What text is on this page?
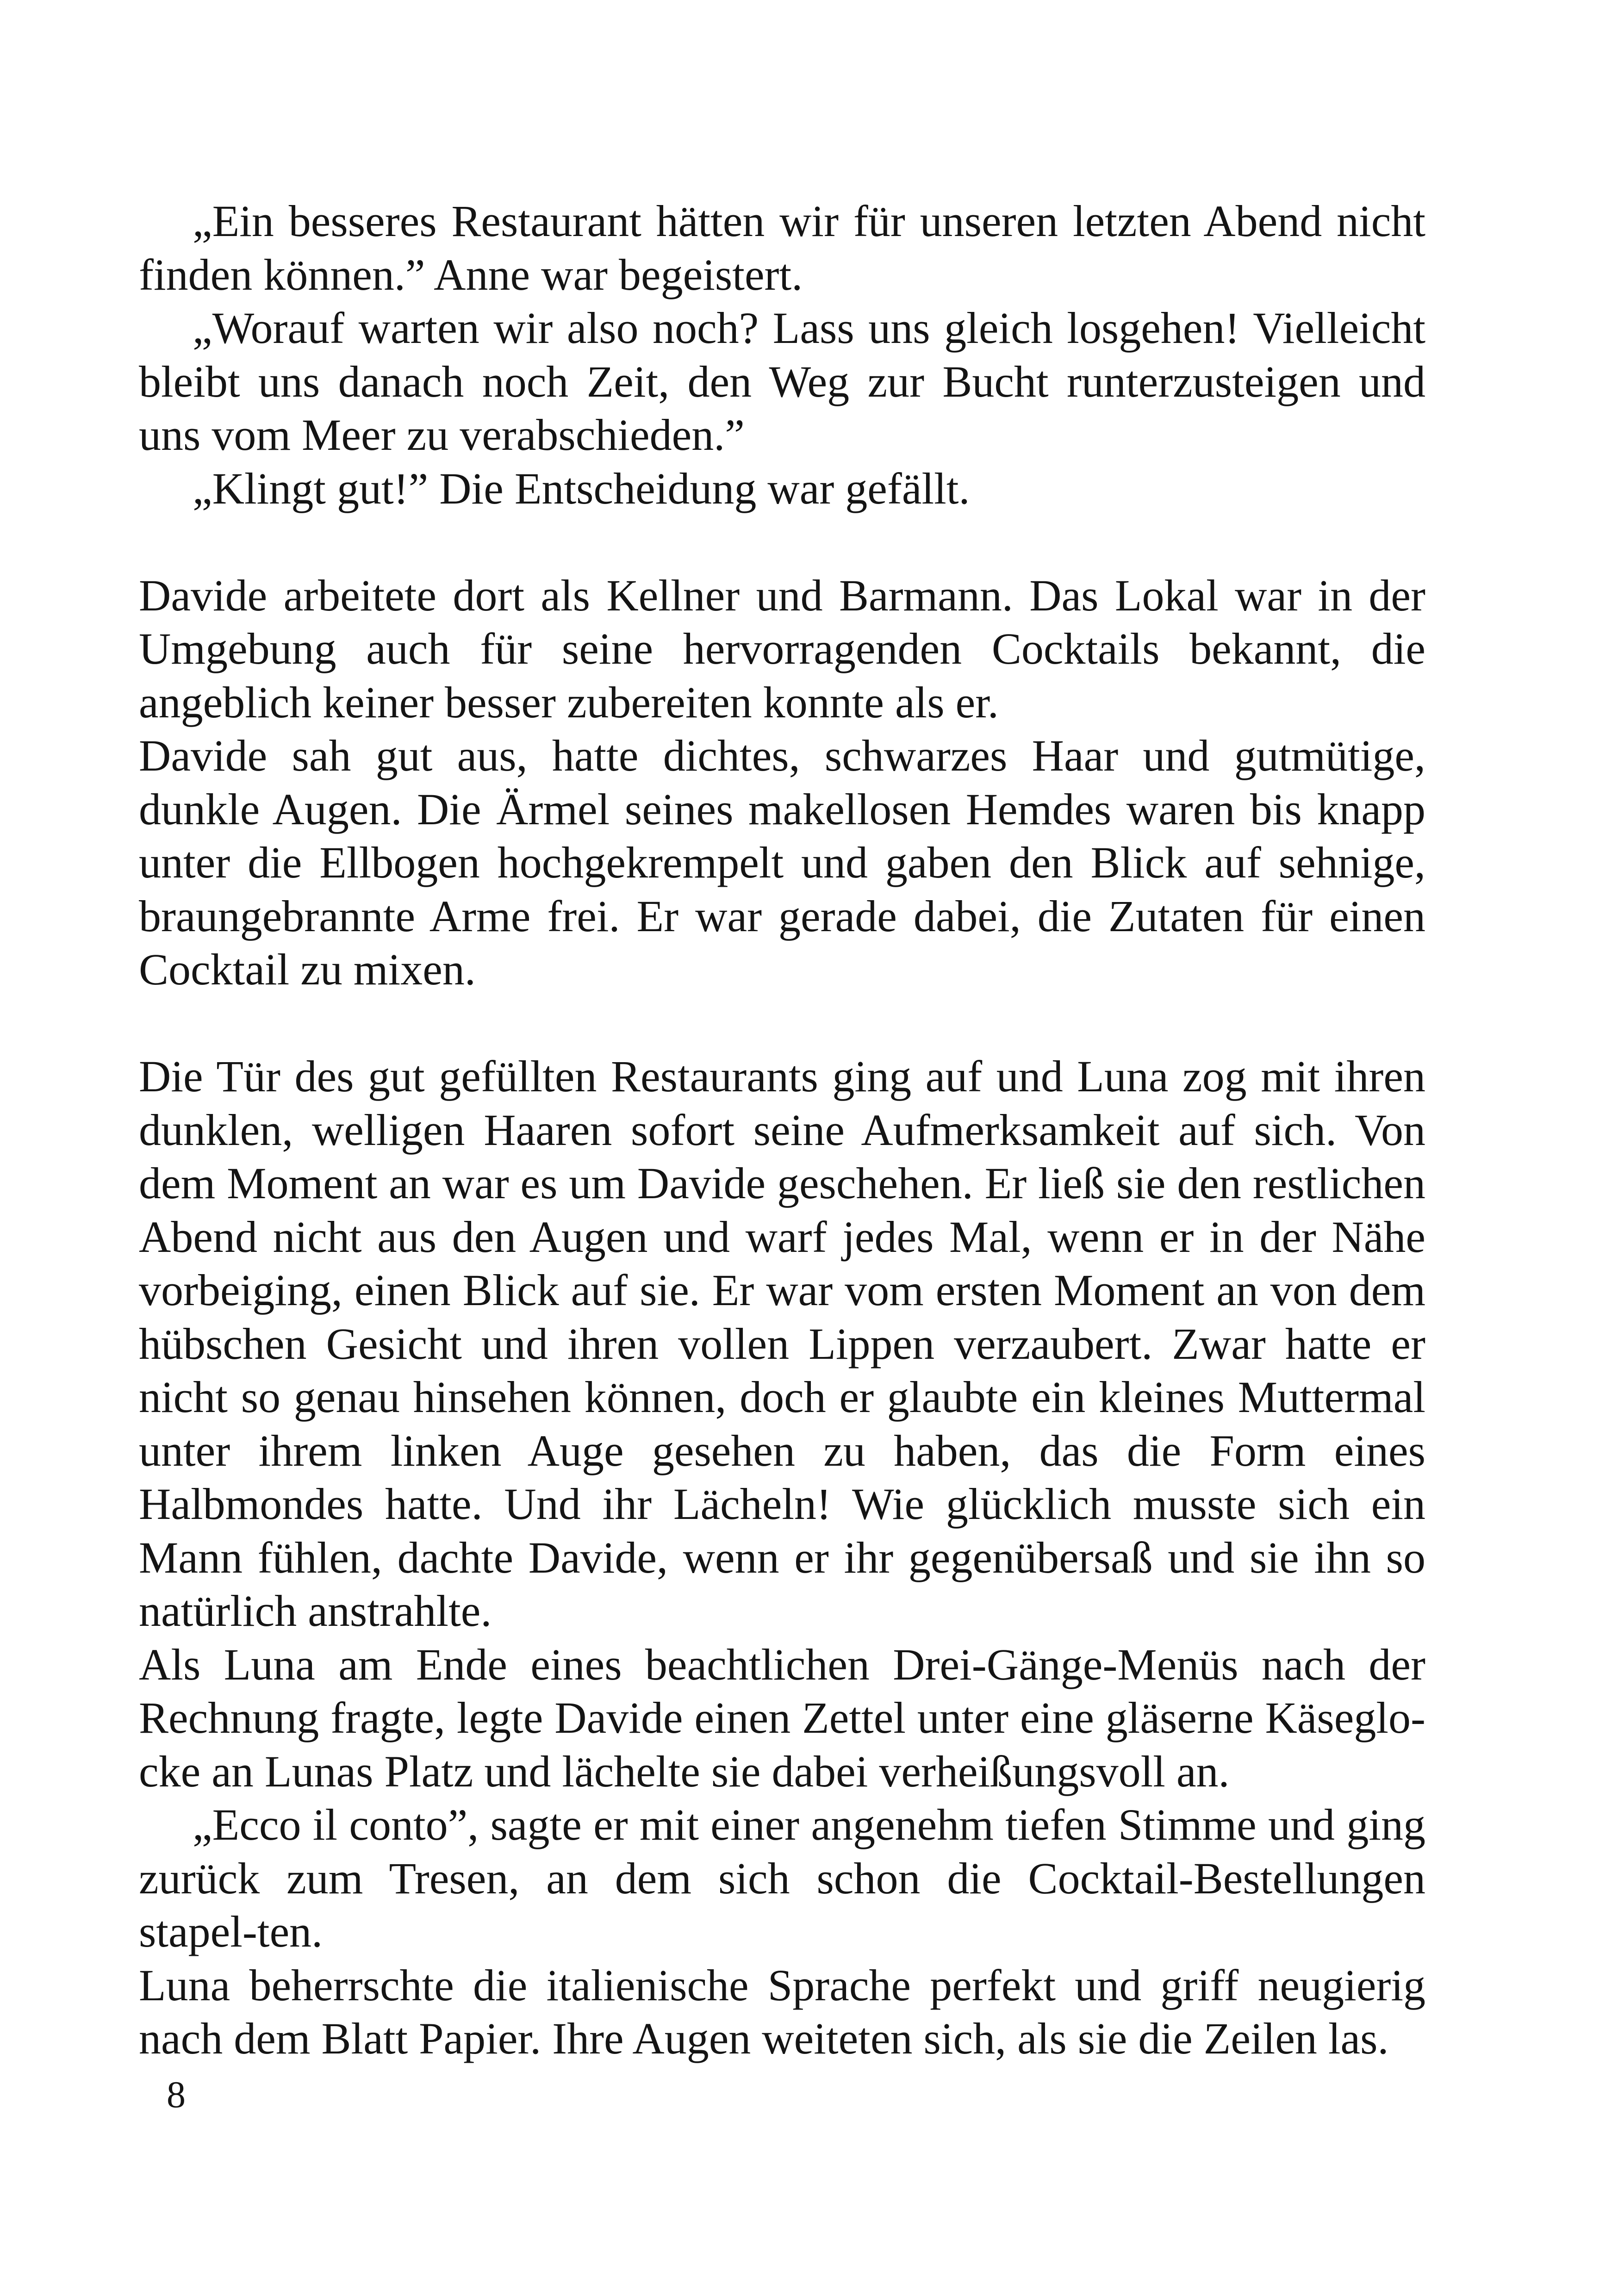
„Ein besseres Restaurant hätten wir für unseren letzten Abend nicht finden können.” Anne war begeistert.

„Worauf warten wir also noch? Lass uns gleich losgehen! Vielleicht bleibt uns danach noch Zeit, den Weg zur Bucht runterzusteigen und uns vom Meer zu verabschieden.”

„Klingt gut!” Die Entscheidung war gefällt.

Davide arbeitete dort als Kellner und Barmann. Das Lokal war in der Umgebung auch für seine hervorragenden Cocktails bekannt, die angeblich keiner besser zubereiten konnte als er.

Davide sah gut aus, hatte dichtes, schwarzes Haar und gutmütige, dunkle Augen. Die Ärmel seines makellosen Hemdes waren bis knapp unter die Ellbogen hochgekrempelt und gaben den Blick auf sehnige, braungebrannte Arme frei. Er war gerade dabei, die Zutaten für einen Cocktail zu mixen.

Die Tür des gut gefüllten Restaurants ging auf und Luna zog mit ihren dunklen, welligen Haaren sofort seine Aufmerksamkeit auf sich. Von dem Moment an war es um Davide geschehen. Er ließ sie den restlichen Abend nicht aus den Augen und warf jedes Mal, wenn er in der Nähe vorbeiging, einen Blick auf sie. Er war vom ersten Moment an von dem hübschen Gesicht und ihren vollen Lippen verzaubert. Zwar hatte er nicht so genau hinsehen können, doch er glaubte ein kleines Muttermal unter ihrem linken Auge gesehen zu haben, das die Form eines Halbmondes hatte. Und ihr Lächeln! Wie glücklich musste sich ein Mann fühlen, dachte Davide, wenn er ihr gegenübersaß und sie ihn so natürlich anstrahlte.

Als Luna am Ende eines beachtlichen Drei-Gänge-Menüs nach der Rechnung fragte, legte Davide einen Zettel unter eine gläserne Käseglo-cke an Lunas Platz und lächelte sie dabei verheißungsvoll an.

„Ecco il conto”, sagte er mit einer angenehm tiefen Stimme und ging zurück zum Tresen, an dem sich schon die Cocktail-Bestellungen stapel-ten.

Luna beherrschte die italienische Sprache perfekt und griff neugierig nach dem Blatt Papier. Ihre Augen weiteten sich, als sie die Zeilen las.

8
